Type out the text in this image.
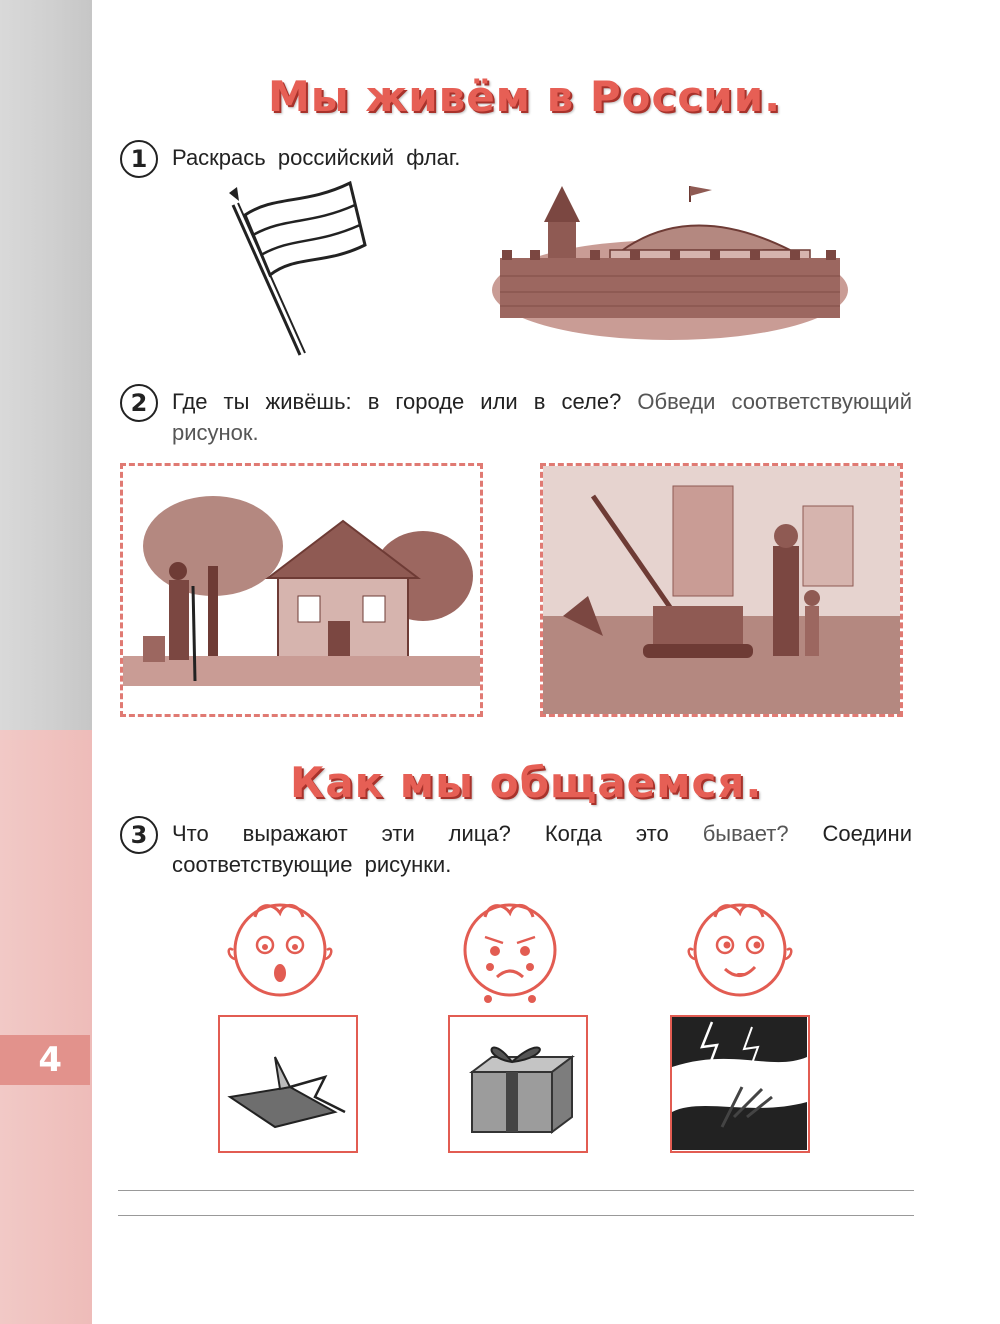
4
Мы живём в России.
1	Раскрась российский флаг.

2	Где ты живёшь: в городе или в селе? Обведи соответствующий рисунок.

Как мы общаемся.
3	Что выражают эти лица? Когда это бывает? Соедини соответствующие рисунки.
